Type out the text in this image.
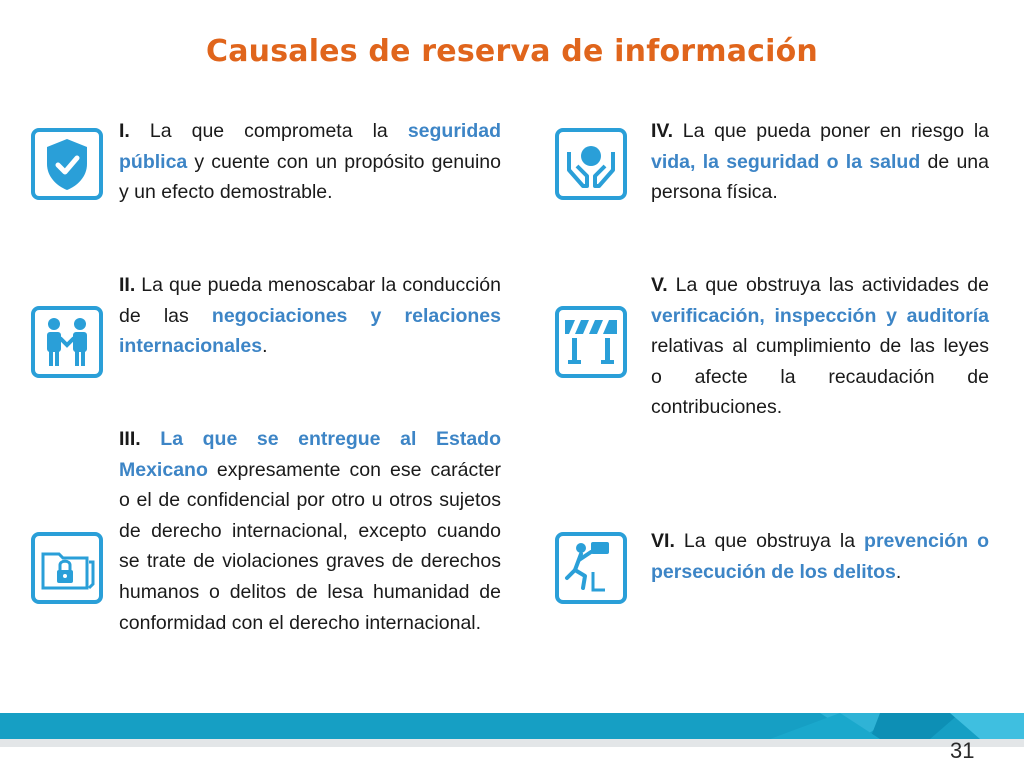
Causales de reserva de información

I. La que comprometa la seguridad pública y cuente con un propósito genuino y un efecto demostrable.

II. La que pueda menoscabar la conducción de las negociaciones y relaciones internacionales.

III. La que se entregue al Estado Mexicano expresamente con ese carácter o el de confidencial por otro u otros sujetos de derecho internacional, excepto cuando se trate de violaciones graves de derechos humanos o delitos de lesa humanidad de conformidad con el derecho internacional.

IV. La que pueda poner en riesgo la vida, la seguridad o la salud de una persona física.

V. La que obstruya las actividades de verificación, inspección y auditoría relativas al cumplimiento de las leyes o afecte la recaudación de contribuciones.

VI. La que obstruya la prevención o persecución de los delitos.

31
